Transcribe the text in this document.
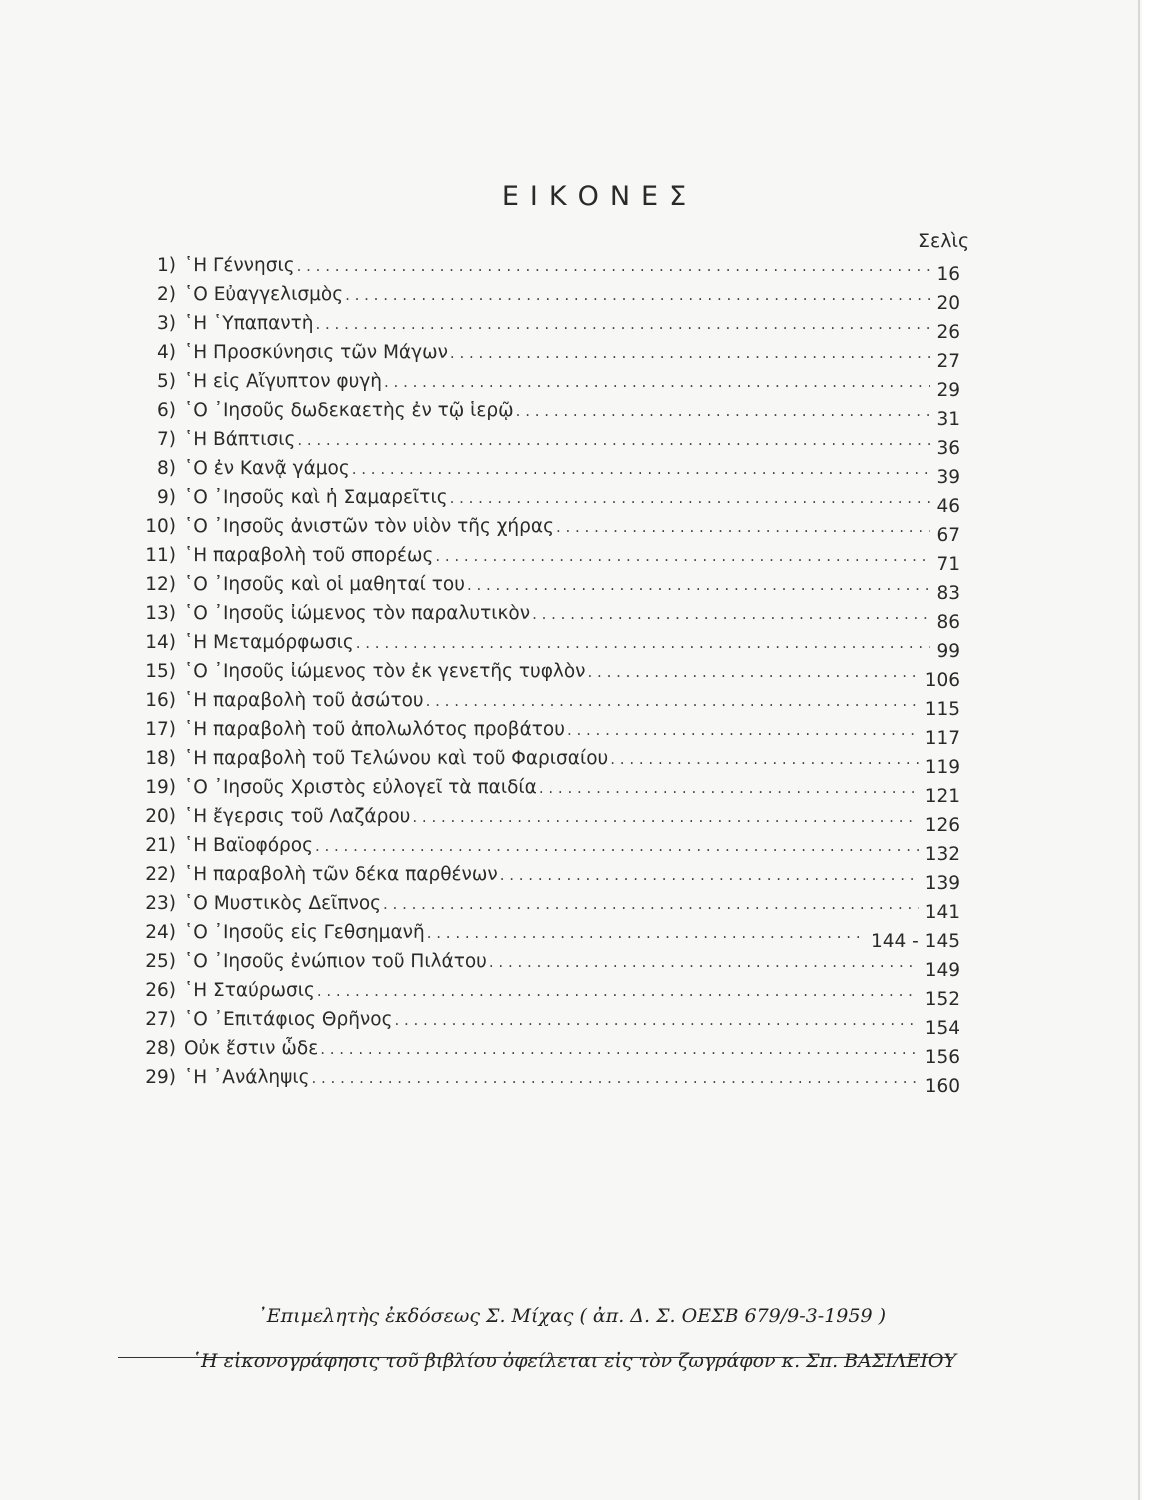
ΕΙΚΟΝΕΣ
Σελὶς
1) ῾Η Γέννησις . . .	16
2) ῾Ο Εὐαγγελισμὸς . . .	20
3) ῾Η ῾Υπαπαντὴ . . .	26
4) ῾Η Προσκύνησις τῶν Μάγων . . .	27
5) ῾Η εἰς Αἴγυπτον φυγὴ . . .	29
6) ῾Ο ᾿Ιησοῦς δωδεκαετὴς ἐν τῷ ἱερῷ . . .	31
7) ῾Η Βάπτισις . . .	36
8) ῾Ο ἐν Κανᾷ γάμος . . .	39
9) ῾Ο ᾿Ιησοῦς καὶ ἡ Σαμαρεῖτις . . .	46
10) ῾Ο ᾿Ιησοῦς ἀνιστῶν τὸν υἱὸν τῆς χήρας . . .	67
11) ῾Η παραβολὴ τοῦ σπορέως . . .	71
12) ῾Ο ᾿Ιησοῦς καὶ οἱ μαθηταί του . . .	83
13) ῾Ο ᾿Ιησοῦς ἰώμενος τὸν παραλυτικὸν . . .	86
14) ῾Η Μεταμόρφωσις . . .	99
15) ῾Ο ᾿Ιησοῦς ἰώμενος τὸν ἐκ γενετῆς τυφλὸν . . .	106
16) ῾Η παραβολὴ τοῦ ἀσώτου . . .	115
17) ῾Η παραβολὴ τοῦ ἀπολωλότος προβάτου . . .	117
18) ῾Η παραβολὴ τοῦ Τελώνου καὶ τοῦ Φαρισαίου . . .	119
19) ῾Ο ᾿Ιησοῦς Χριστὸς εὐλογεῖ τὰ παιδία . . .	121
20) ῾Η ἔγερσις τοῦ Λαζάρου . . .	126
21) ῾Η Βαϊοφόρος . . .	132
22) ῾Η παραβολὴ τῶν δέκα παρθένων . . .	139
23) ῾Ο Μυστικὸς Δεῖπνος . . .	141
24) ῾Ο ᾿Ιησοῦς εἰς Γεθσημανῆ . . .	144 - 145
25) ῾Ο ᾿Ιησοῦς ἐνώπιον τοῦ Πιλάτου . . .	149
26) ῾Η Σταύρωσις . . .	152
27) ῾Ο ᾿Επιτάφιος Θρῆνος . . .	154
28) Οὐκ ἔστιν ὧδε . . .	156
29) ῾Η ᾿Ανάληψις . . .	160
᾿Επιμελητὴς ἐκδόσεως Σ. Μίχας ( ἀπ. Δ. Σ. ΟΕΣΒ 679/9-3-1959 )
῾Η εἰκονογράφησις τοῦ βιβλίου ὀφείλεται εἰς τὸν ζωγράφον κ. Σπ. ΒΑΣΙΛΕΙΟΥ
